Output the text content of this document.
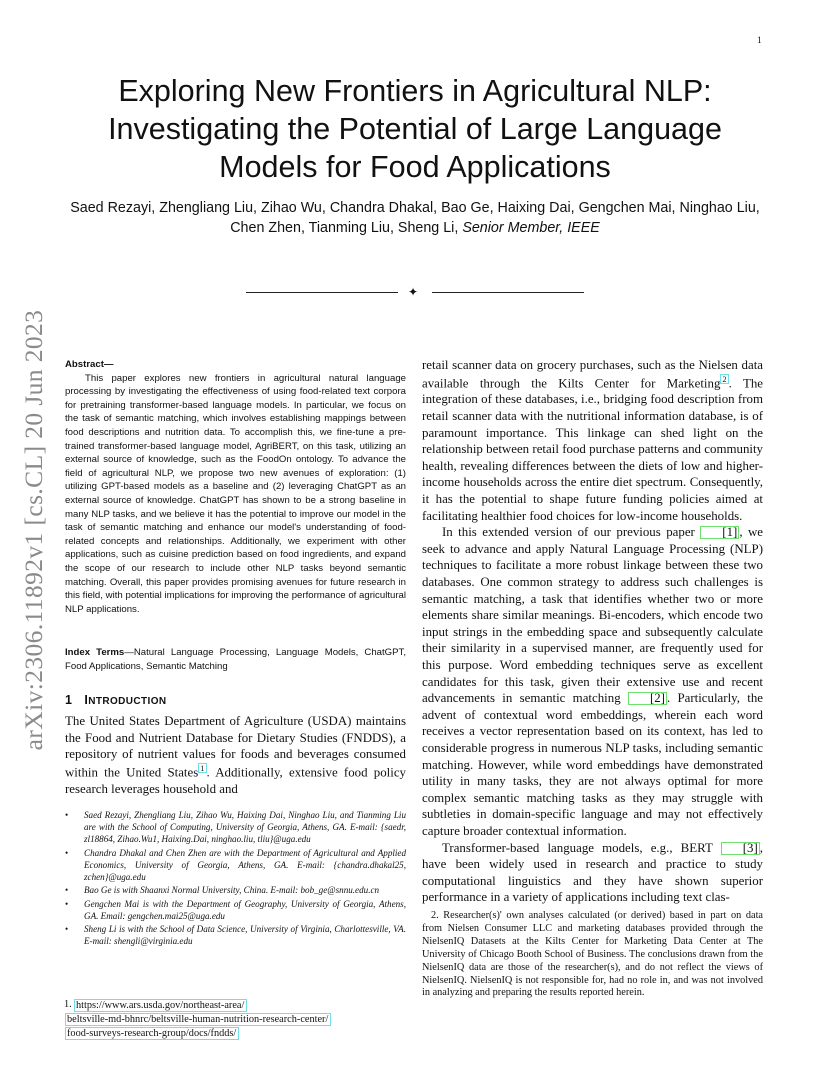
1
arXiv:2306.11892v1 [cs.CL] 20 Jun 2023
Exploring New Frontiers in Agricultural NLP: Investigating the Potential of Large Language Models for Food Applications
Saed Rezayi, Zhengliang Liu, Zihao Wu, Chandra Dhakal, Bao Ge, Haixing Dai, Gengchen Mai, Ninghao Liu, Chen Zhen, Tianming Liu, Sheng Li, Senior Member, IEEE
✦
Abstract—

This paper explores new frontiers in agricultural natural language processing by investigating the effectiveness of using food-related text corpora for pretraining transformer-based language models. In particular, we focus on the task of semantic matching, which involves establishing mappings between food descriptions and nutrition data. To accomplish this, we fine-tune a pre-trained transformer-based language model, AgriBERT, on this task, utilizing an external source of knowledge, such as the FoodOn ontology. To advance the field of agricultural NLP, we propose two new avenues of exploration: (1) utilizing GPT-based models as a baseline and (2) leveraging ChatGPT as an external source of knowledge. ChatGPT has shown to be a strong baseline in many NLP tasks, and we believe it has the potential to improve our model in the task of semantic matching and enhance our model's understanding of food-related concepts and relationships. Additionally, we experiment with other applications, such as cuisine prediction based on food ingredients, and expand the scope of our research to include other NLP tasks beyond semantic matching. Overall, this paper provides promising avenues for future research in this field, with potential implications for improving the performance of agricultural NLP applications.

Index Terms—Natural Language Processing, Language Models, ChatGPT, Food Applications, Semantic Matching
1 INTRODUCTION

The United States Department of Agriculture (USDA) maintains the Food and Nutrient Database for Dietary Studies (FNDDS), a repository of nutrient values for foods and beverages consumed within the United States 1 . Additionally, extensive food policy research leverages household and

• Saed Rezayi, Zhengliang Liu, Zihao Wu, Haixing Dai, Ninghao Liu, and Tianming Liu are with the School of Computing, University of Georgia, Athens, GA. E-mail: {saedr, zl18864, Zihao.Wu1, Haixing.Dai, ninghao.liu, tliu}@uga.edu
• Chandra Dhakal and Chen Zhen are with the Department of Agricultural and Applied Economics, University of Georgia, Athens, GA. E-mail: {chandra.dhakal25, zchen}@uga.edu
• Bao Ge is with Shaanxi Normal University, China. E-mail: bob_ge@snnu.edu.cn
• Gengchen Mai is with the Department of Geography, University of Georgia, Athens, GA. Email: gengchen.mai25@uga.edu
• Sheng Li is with the School of Data Science, University of Virginia, Charlottesville, VA. E-mail: shengli@virginia.edu
1. https://www.ars.usda.gov/northeast-area/
beltsville-md-bhnrc/beltsville-human-nutrition-research-center/
food-surveys-research-group/docs/fndds/

retail scanner data on grocery purchases, such as the Nielsen data available through the Kilts Center for Marketing 2 . The integration of these databases, i.e., bridging food description from retail scanner data with the nutritional information database, is of paramount importance. This linkage can shed light on the relationship between retail food purchase patterns and community health, revealing differences between the diets of low and higher-income households across the entire diet spectrum. Consequently, it has the potential to shape future funding policies aimed at facilitating healthier food choices for low-income households.

In this extended version of our previous paper [1] , we seek to advance and apply Natural Language Processing (NLP) techniques to facilitate a more robust linkage between these two databases. One common strategy to address such challenges is semantic matching, a task that identifies whether two or more elements share similar meanings. Bi-encoders, which encode two input strings in the embedding space and subsequently calculate their similarity in a supervised manner, are frequently used for this purpose. Word embedding techniques serve as excellent candidates for this task, given their extensive use and recent advancements in semantic matching [2] . Particularly, the advent of contextual word embeddings, wherein each word receives a vector representation based on its context, has led to considerable progress in numerous NLP tasks, including semantic matching. However, while word embeddings have demonstrated utility in many tasks, they are not always optimal for more complex semantic matching tasks as they may struggle with subtleties in domain-specific language and may not effectively capture broader contextual information.

Transformer-based language models, e.g., BERT [3] , have been widely used in research and practice to study computational linguistics and they have shown superior performance in a variety of applications including text clas-

2. Researcher(s)' own analyses calculated (or derived) based in part on data from Nielsen Consumer LLC and marketing databases provided through the NielsenIQ Datasets at the Kilts Center for Marketing Data Center at The University of Chicago Booth School of Business. The conclusions drawn from the NielsenIQ data are those of the researcher(s), and do not reflect the views of NielsenIQ. NielsenIQ is not responsible for, had no role in, and was not involved in analyzing and preparing the results reported herein.
